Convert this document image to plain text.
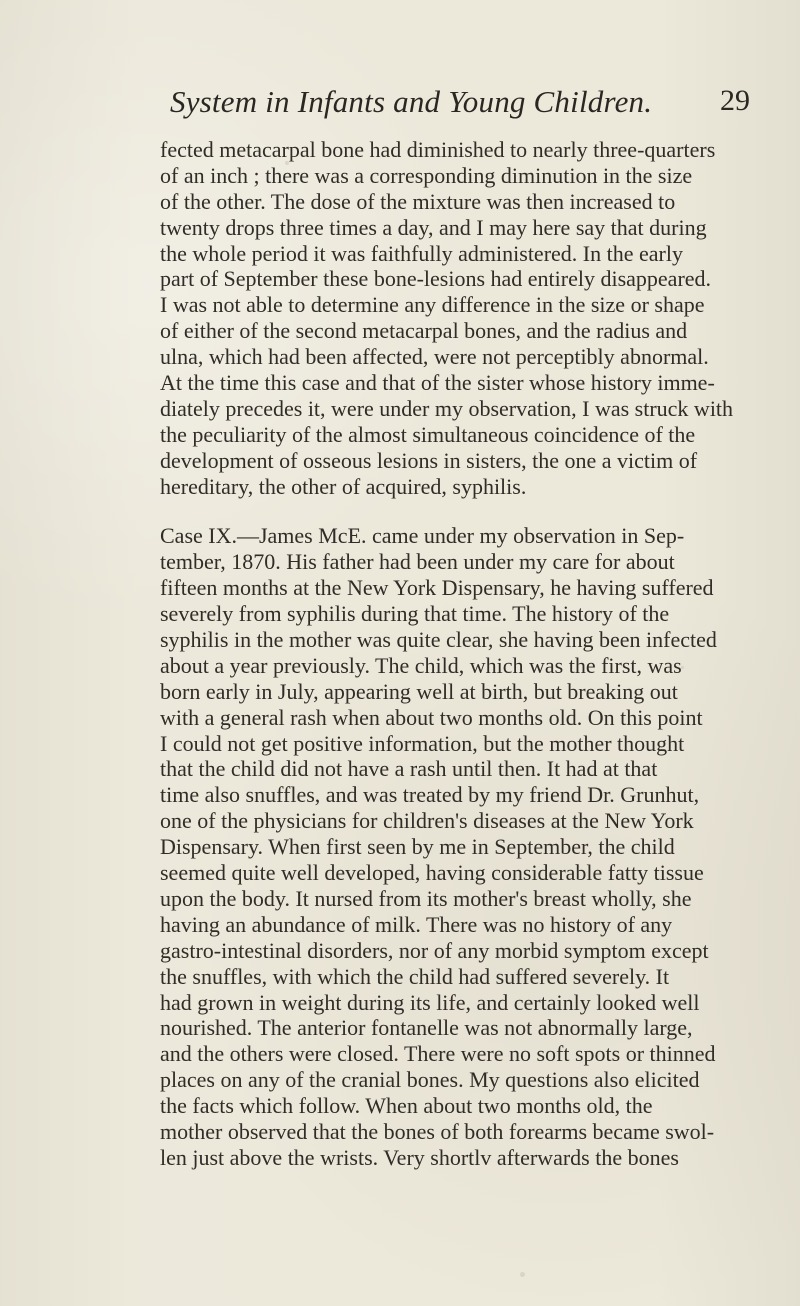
System in Infants and Young Children.	29
fected metacarpal bone had diminished to nearly three-quarters
of an inch ; there was a corresponding diminution in the size
of the other. The dose of the mixture was then increased to
twenty drops three times a day, and I may here say that during
the whole period it was faithfully administered. In the early
part of September these bone-lesions had entirely disappeared.
I was not able to determine any difference in the size or shape
of either of the second metacarpal bones, and the radius and
ulna, which had been affected, were not perceptibly abnormal.
At the time this case and that of the sister whose history imme-
diately precedes it, were under my observation, I was struck with
the peculiarity of the almost simultaneous coincidence of the
development of osseous lesions in sisters, the one a victim of
hereditary, the other of acquired, syphilis.
Case IX.—James McE. came under my observation in Sep-
tember, 1870. His father had been under my care for about
fifteen months at the New York Dispensary, he having suffered
severely from syphilis during that time. The history of the
syphilis in the mother was quite clear, she having been infected
about a year previously. The child, which was the first, was
born early in July, appearing well at birth, but breaking out
with a general rash when about two months old. On this point
I could not get positive information, but the mother thought
that the child did not have a rash until then. It had at that
time also snuffles, and was treated by my friend Dr. Grunhut,
one of the physicians for children's diseases at the New York
Dispensary. When first seen by me in September, the child
seemed quite well developed, having considerable fatty tissue
upon the body. It nursed from its mother's breast wholly, she
having an abundance of milk. There was no history of any
gastro-intestinal disorders, nor of any morbid symptom except
the snuffles, with which the child had suffered severely. It
had grown in weight during its life, and certainly looked well
nourished. The anterior fontanelle was not abnormally large,
and the others were closed. There were no soft spots or thinned
places on any of the cranial bones. My questions also elicited
the facts which follow. When about two months old, the
mother observed that the bones of both forearms became swol-
len just above the wrists. Very shortlv afterwards the bones
